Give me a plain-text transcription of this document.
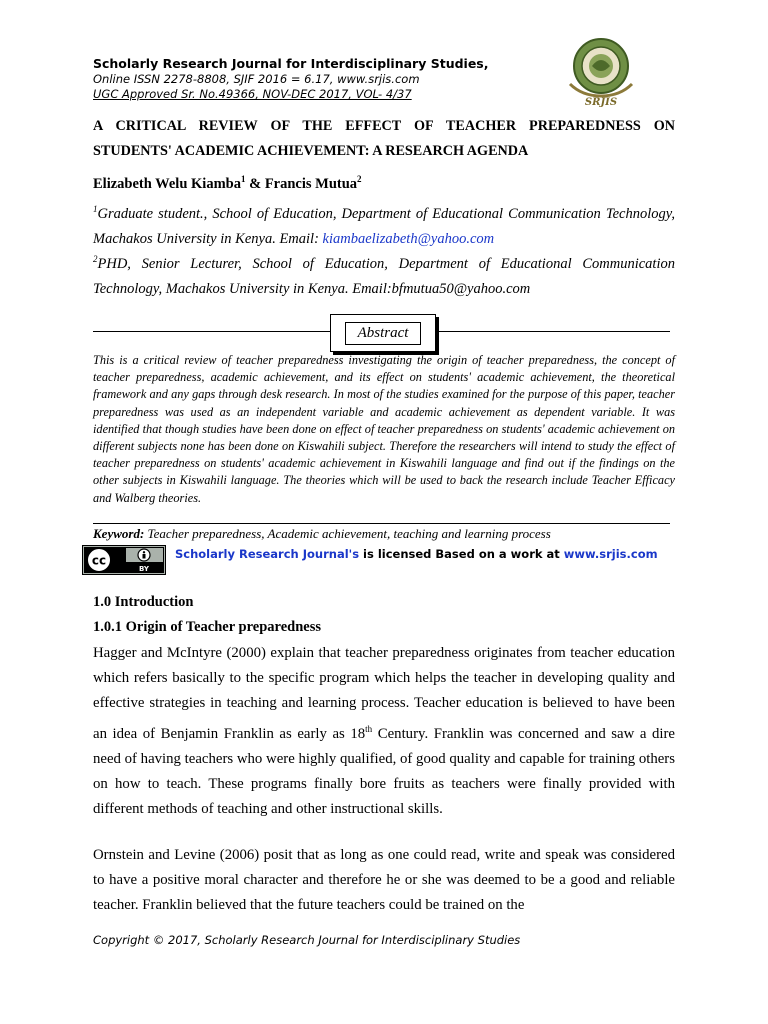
Scholarly Research Journal for Interdisciplinary Studies,
Online ISSN 2278-8808, SJIF 2016 = 6.17, www.srjis.com
UGC Approved Sr. No.49366, NOV-DEC 2017, VOL- 4/37
SRJIS
A CRITICAL REVIEW OF THE EFFECT OF TEACHER PREPAREDNESS ON
STUDENTS' ACADEMIC ACHIEVEMENT: A RESEARCH AGENDA
Elizabeth Welu Kiamba$^1$ & Francis Mutua$^2$
$^1$Graduate student., School of Education, Department of Educational Communication Technology, Machakos University in Kenya. Email: kiambaelizabeth@yahoo.com
$^2$PHD, Senior Lecturer, School of Education, Department of Educational Communication Technology, Machakos University in Kenya. Email:bfmutua50@yahoo.com
Abstract
This is a critical review of teacher preparedness investigating the origin of teacher preparedness, the concept of teacher preparedness, academic achievement, and its effect on students' academic achievement, the theoretical framework and any gaps through desk research. In most of the studies examined for the purpose of this paper, teacher preparedness was used as an independent variable and academic achievement as dependent variable. It was identified that though studies have been done on effect of teacher preparedness on students' academic achievement on different subjects none has been done on Kiswahili subject. Therefore the researchers will intend to study the effect of teacher preparedness on students' academic achievement in Kiswahili language and find out if the findings on the other subjects in Kiswahili language. The theories which will be used to back the research include Teacher Efficacy and Walberg theories.
Keyword: Teacher preparedness, Academic achievement, teaching and learning process
cc
BY
Scholarly Research Journal's is licensed Based on a work at www.srjis.com
1.0 Introduction
1.0.1 Origin of Teacher preparedness
Hagger and McIntyre (2000) explain that teacher preparedness originates from teacher education which refers basically to the specific program which helps the teacher in developing quality and effective strategies in teaching and learning process. Teacher education is believed to have been an idea of Benjamin Franklin as early as 18th Century. Franklin was concerned and saw a dire need of having teachers who were highly qualified, of good quality and capable for training others on how to teach. These programs finally bore fruits as teachers were finally provided with different methods of teaching and other instructional skills.
Ornstein and Levine (2006) posit that as long as one could read, write and speak was considered to have a positive moral character and therefore he or she was deemed to be a good and reliable teacher. Franklin believed that the future teachers could be trained on the
Copyright © 2017, Scholarly Research Journal for Interdisciplinary Studies
